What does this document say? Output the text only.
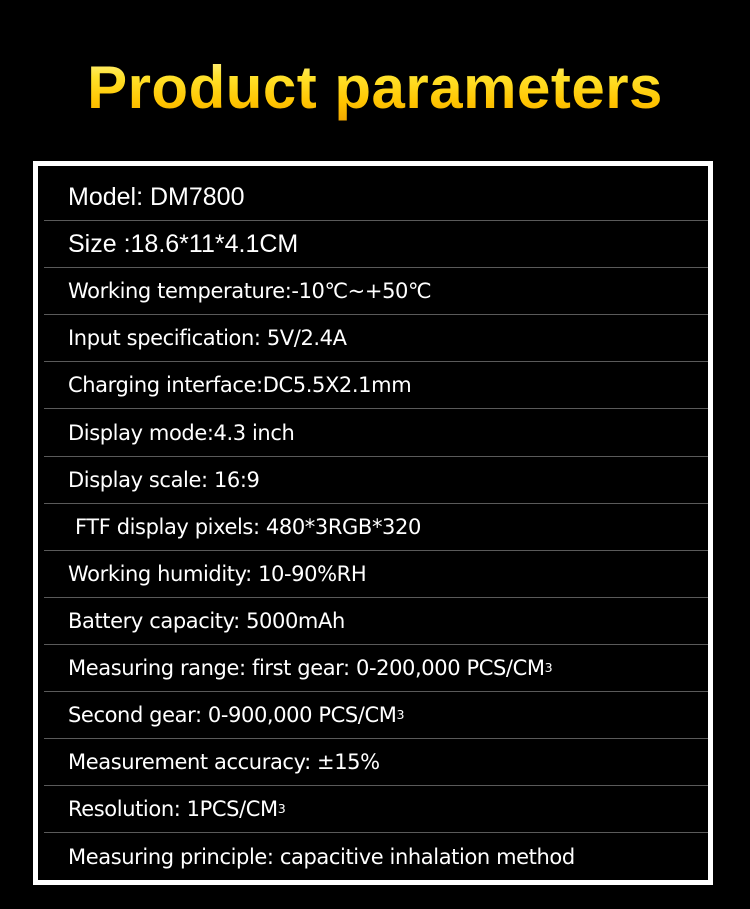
Product parameters
Model: DM7800
Size :18.6*11*4.1CM
Working temperature:-10℃~+50℃
Input specification: 5V/2.4A
Charging interface:DC5.5X2.1mm
Display mode:4.3 inch
Display scale: 16:9
FTF display pixels: 480*3RGB*320
Working humidity: 10-90%RH
Battery capacity: 5000mAh
Measuring range: first gear: 0-200,000 PCS/CM 3
Second gear: 0-900,000 PCS/CM 3
Measurement accuracy: ±15%
Resolution: 1PCS/CM 3
Measuring principle: capacitive inhalation method
